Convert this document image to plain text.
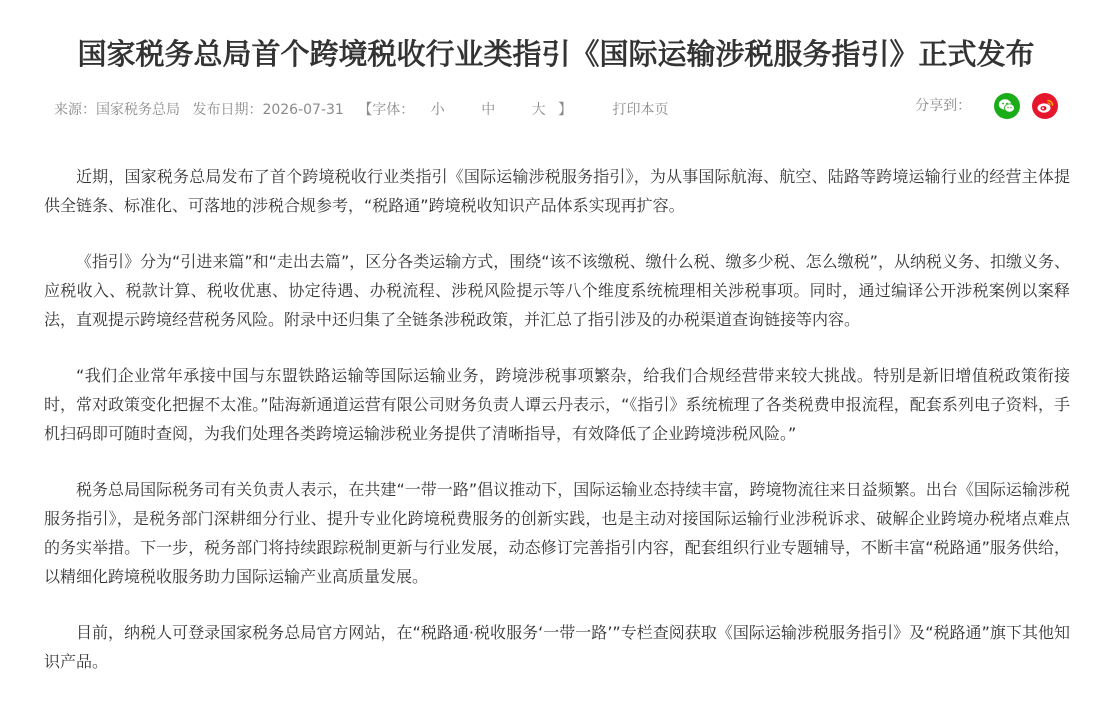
国家税务总局首个跨境税收行业类指引《国际运输涉税服务指引》正式发布
来源：国家税务总局 发布日期：2026-07-31 【字体： 小	中	大 】	打印本页	分享到：

近期，国家税务总局发布了首个跨境税收行业类指引《国际运输涉税服务指引》，为从事国际航海、航空、陆路等跨境运输行业的经营主体提供全链条、标准化、可落地的涉税合规参考，“税路通”跨境税收知识产品体系实现再扩容。

《指引》分为“引进来篇”和“走出去篇”，区分各类运输方式，围绕“该不该缴税、缴什么税、缴多少税、怎么缴税”，从纳税义务、扣缴义务、应税收入、税款计算、税收优惠、协定待遇、办税流程、涉税风险提示等八个维度系统梳理相关涉税事项。同时，通过编译公开涉税案例以案释法，直观提示跨境经营税务风险。附录中还归集了全链条涉税政策，并汇总了指引涉及的办税渠道查询链接等内容。

“我们企业常年承接中国与东盟铁路运输等国际运输业务，跨境涉税事项繁杂，给我们合规经营带来较大挑战。特别是新旧增值税政策衔接时，常对政策变化把握不太准。”陆海新通道运营有限公司财务负责人谭云丹表示，“《指引》系统梳理了各类税费申报流程，配套系列电子资料，手机扫码即可随时查阅，为我们处理各类跨境运输涉税业务提供了清晰指导，有效降低了企业跨境涉税风险。”

税务总局国际税务司有关负责人表示，在共建“一带一路”倡议推动下，国际运输业态持续丰富，跨境物流往来日益频繁。出台《国际运输涉税服务指引》，是税务部门深耕细分行业、提升专业化跨境税费服务的创新实践，也是主动对接国际运输行业涉税诉求、破解企业跨境办税堵点难点的务实举措。下一步，税务部门将持续跟踪税制更新与行业发展，动态修订完善指引内容，配套组织行业专题辅导，不断丰富“税路通”服务供给，以精细化跨境税收服务助力国际运输产业高质量发展。

目前，纳税人可登录国家税务总局官方网站，在“税路通·税收服务‘一带一路’”专栏查阅获取《国际运输涉税服务指引》及“税路通”旗下其他知识产品。
